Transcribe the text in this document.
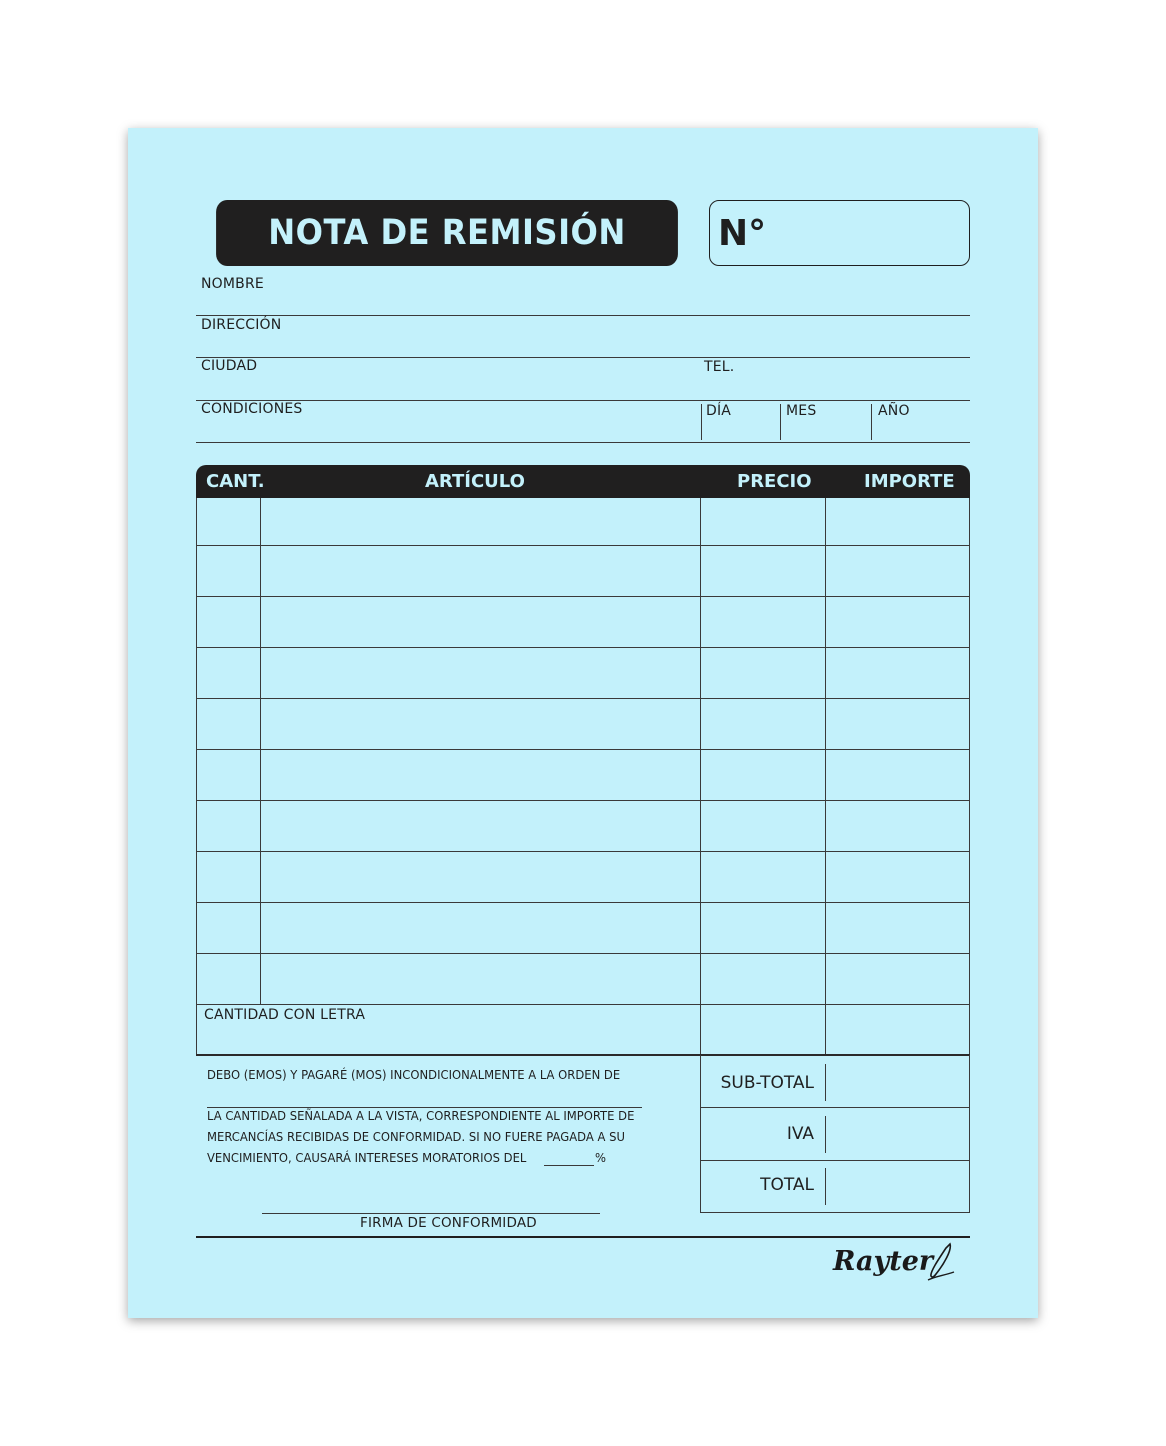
NOTA DE REMISIÓN	N°
NOMBRE
DIRECCIÓN
CIUDAD	TEL.
CONDICIONES	DÍA	MES	AÑO
CANT.	ARTÍCULO	PRECIO	IMPORTE
CANTIDAD CON LETRA
DEBO (EMOS) Y PAGARÉ (MOS) INCONDICIONALMENTE A LA ORDEN DE
LA CANTIDAD SEÑALADA A LA VISTA, CORRESPONDIENTE AL IMPORTE DE
MERCANCÍAS RECIBIDAS DE CONFORMIDAD. SI NO FUERE PAGADA A SU
VENCIMIENTO, CAUSARÁ INTERESES MORATORIOS DEL	%
FIRMA DE CONFORMIDAD
SUB-TOTAL
IVA
TOTAL
Rayter
